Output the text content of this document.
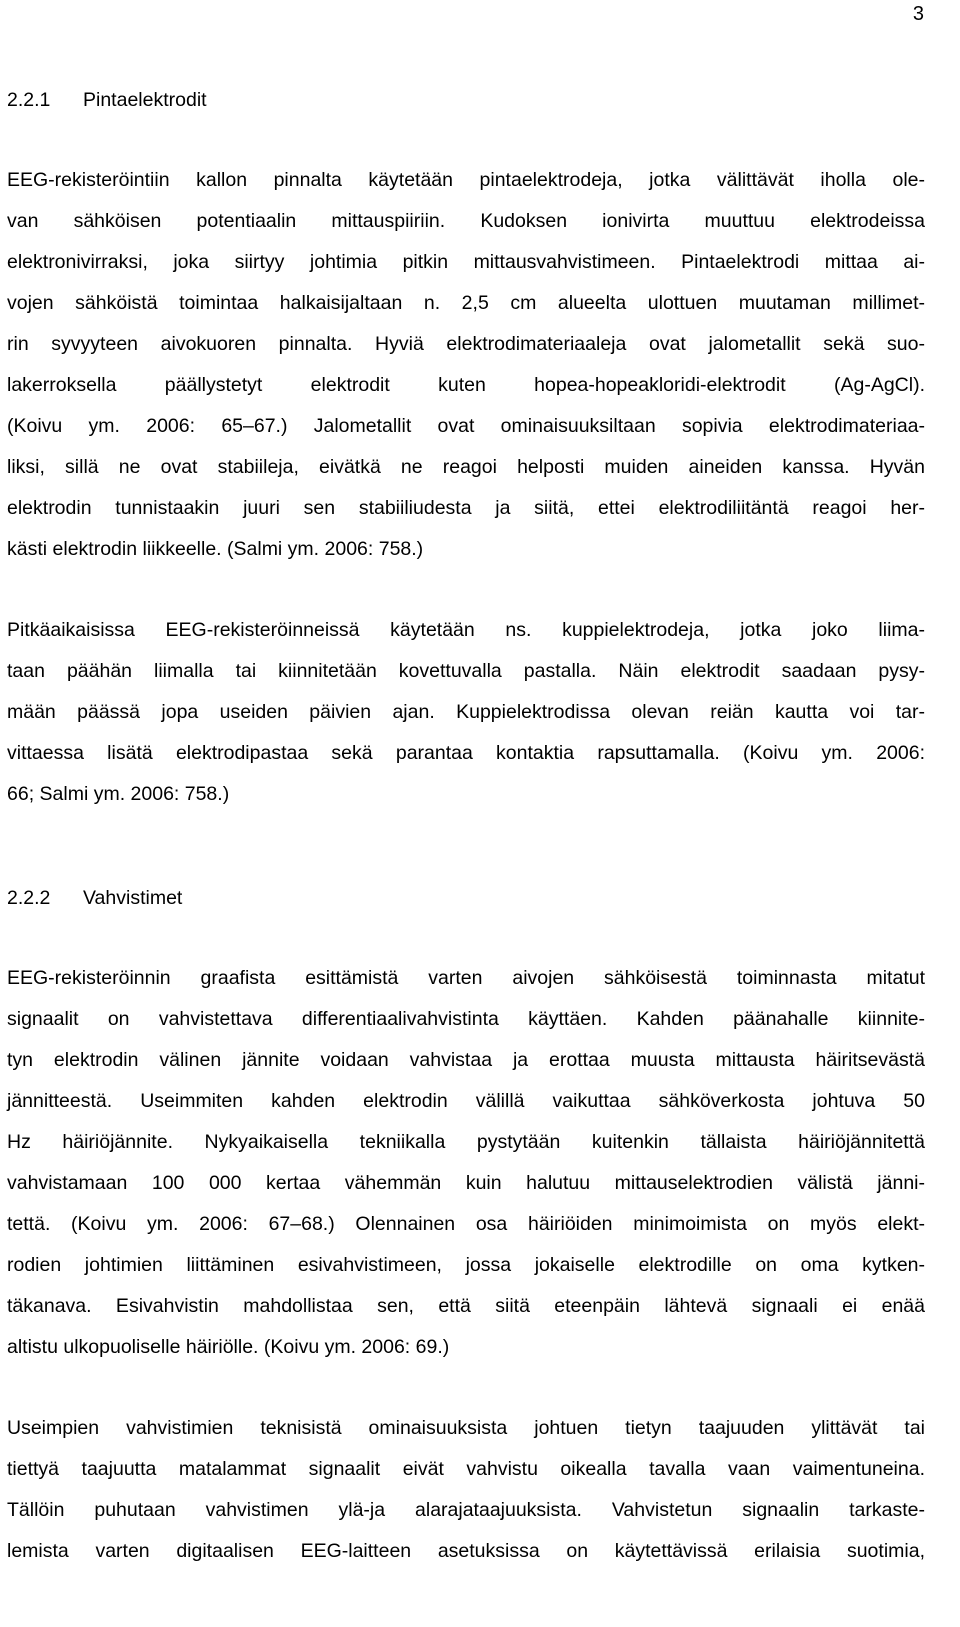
3
2.2.1 Pintaelektrodit
EEG-rekisteröintiin kallon pinnalta käytetään pintaelektrodeja, jotka välittävät iholla ole-
van sähköisen potentiaalin mittauspiiriin. Kudoksen ionivirta muuttuu elektrodeissa
elektronivirraksi, joka siirtyy johtimia pitkin mittausvahvistimeen. Pintaelektrodi mittaa ai-
vojen sähköistä toimintaa halkaisijaltaan n. 2,5 cm alueelta ulottuen muutaman millimet-
rin syvyyteen aivokuoren pinnalta. Hyviä elektrodimateriaaleja ovat jalometallit sekä suo-
lakerroksella päällystetyt elektrodit kuten hopea-hopeakloridi-elektrodit (Ag-AgCl).
(Koivu ym. 2006: 65–67.) Jalometallit ovat ominaisuuksiltaan sopivia elektrodimateriaa-
liksi, sillä ne ovat stabiileja, eivätkä ne reagoi helposti muiden aineiden kanssa. Hyvän
elektrodin tunnistaakin juuri sen stabiiliudesta ja siitä, ettei elektrodiliitäntä reagoi her-
kästi elektrodin liikkeelle. (Salmi ym. 2006: 758.)
Pitkäaikaisissa EEG-rekisteröinneissä käytetään ns. kuppielektrodeja, jotka joko liima-
taan päähän liimalla tai kiinnitetään kovettuvalla pastalla. Näin elektrodit saadaan pysy-
mään päässä jopa useiden päivien ajan. Kuppielektrodissa olevan reiän kautta voi tar-
vittaessa lisätä elektrodipastaa sekä parantaa kontaktia rapsuttamalla. (Koivu ym. 2006:
66; Salmi ym. 2006: 758.)
2.2.2 Vahvistimet
EEG-rekisteröinnin graafista esittämistä varten aivojen sähköisestä toiminnasta mitatut
signaalit on vahvistettava differentiaalivahvistinta käyttäen. Kahden päänahalle kiinnite-
tyn elektrodin välinen jännite voidaan vahvistaa ja erottaa muusta mittausta häiritsevästä
jännitteestä. Useimmiten kahden elektrodin välillä vaikuttaa sähköverkosta johtuva 50
Hz häiriöjännite. Nykyaikaisella tekniikalla pystytään kuitenkin tällaista häiriöjännitettä
vahvistamaan 100 000 kertaa vähemmän kuin halutuu mittauselektrodien välistä jänni-
tettä. (Koivu ym. 2006: 67–68.) Olennainen osa häiriöiden minimoimista on myös elekt-
rodien johtimien liittäminen esivahvistimeen, jossa jokaiselle elektrodille on oma kytken-
täkanava. Esivahvistin mahdollistaa sen, että siitä eteenpäin lähtevä signaali ei enää
altistu ulkopuoliselle häiriölle. (Koivu ym. 2006: 69.)
Useimpien vahvistimien teknisistä ominaisuuksista johtuen tietyn taajuuden ylittävät tai
tiettyä taajuutta matalammat signaalit eivät vahvistu oikealla tavalla vaan vaimentuneina.
Tällöin puhutaan vahvistimen ylä-ja alarajataajuuksista. Vahvistetun signaalin tarkaste-
lemista varten digitaalisen EEG-laitteen asetuksissa on käytettävissä erilaisia suotimia,
